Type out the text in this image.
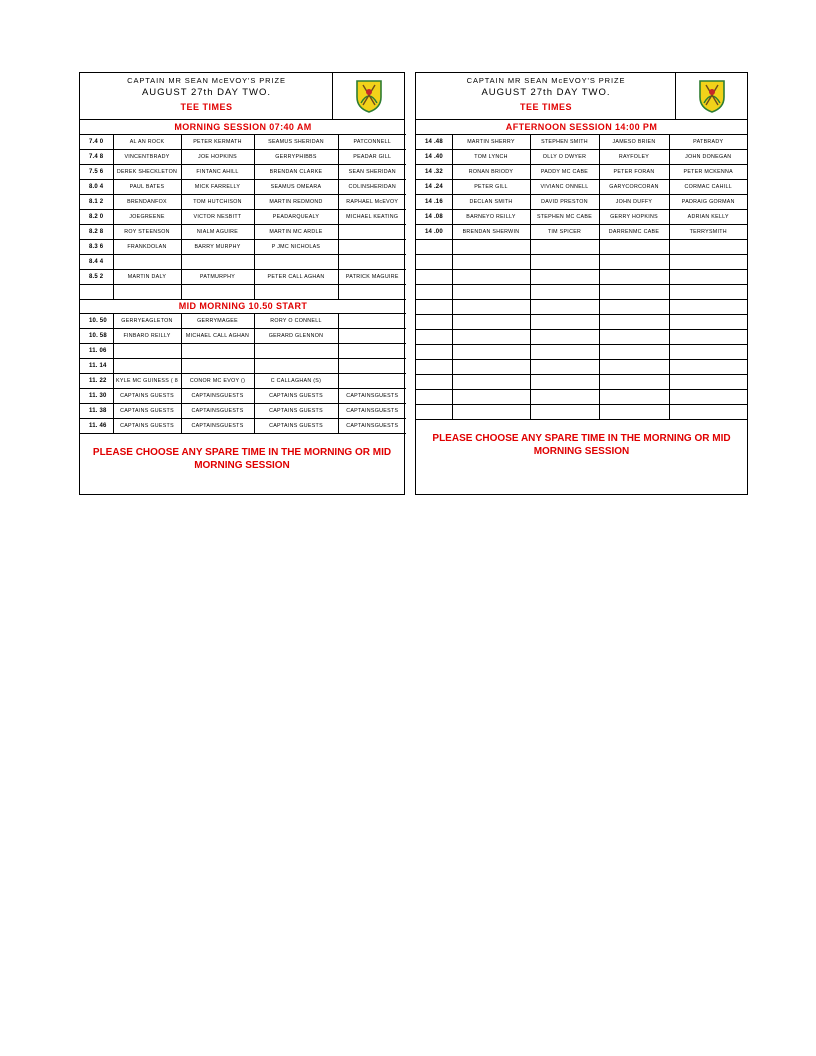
CAPTAIN MR SEAN McEVOY'S PRIZE
AUGUST 27th DAY TWO.
TEE TIMES
MORNING SESSION 07:40 AM				
7.4 0	AL AN ROCK	PETER KERMATH	SEAMUS SHERIDAN	PATCONNELL
7.4 8	VINCENTBRADY	JOE HOPKINS	GERRYPHIBBS	PEADAR GILL
7.5 6	DEREK SHECKLETON	FINTANC AHILL	BRENDAN CLARKE	SEAN SHERIDAN
8.0 4	PAUL BATES	MICK FARRELLY	SEAMUS OMEARA	COLINSHERIDAN
8.1 2	BRENDANFOX	TOM HUTCHISON	MARTIN REDMOND	RAPHAEL McEVOY
8.2 0	JOEGREENE	VICTOR NESBITT	PEADARQUEALY	MICHAEL KEATING
8.2 8	ROY STEENSON	NIALM AGUIRE	MARTIN MC ARDLE	
8.3 6	FRANKDOLAN	BARRY MURPHY	P JMC NICHOLAS	
8.4 4				
8.5 2	MARTIN DALY	PATMURPHY	PETER CALL AGHAN	PATRICK MAGUIRE

MID MORNING 10.50 START				
10. 50	GERRYEAGLETON	GERRYMAGEE	RORY O CONNELL	
10. 58	FINBARO REILLY	MICHAEL CALL AGHAN	GERARD GLENNON	
11. 06				
11. 14				
11. 22	KYLE MC GUINESS ( 8	CONOR MC EVOY ()	C CALLAGHAN (S)	
11. 30	CAPTAINS GUESTS	CAPTAINSGUESTS	CAPTAINS GUESTS	CAPTAINSGUESTS
11. 38	CAPTAINS GUESTS	CAPTAINSGUESTS	CAPTAINS GUESTS	CAPTAINSGUESTS
11. 46	CAPTAINS GUESTS	CAPTAINSGUESTS	CAPTAINS GUESTS	CAPTAINSGUESTS
PLEASE CHOOSE ANY SPARE TIME IN THE MORNING OR MID MORNING SESSION
CAPTAIN MR SEAN McEVOY'S PRIZE
AUGUST 27th DAY TWO.
TEE TIMES
AFTERNOON SESSION 14:00 PM				
14 .48	MARTIN SHERRY	STEPHEN SMITH	JAMESO BRIEN	PATBRADY
14 .40	TOM LYNCH	OLLY O DWYER	RAYFOLEY	JOHN DONEGAN
14 .32	RONAN BRIODY	PADDY MC CABE	PETER FORAN	PETER MCKENNA
14 .24	PETER GILL	VIVIANC ONNELL	GARYCORCORAN	CORMAC CAHILL
14 .16	DECLAN SMITH	DAVID PRESTON	JOHN DUFFY	PADRAIG GORMAN
14 .08	BARNEYO REILLY	STEPHEN MC CABE	GERRY HOPKINS	ADRIAN KELLY
14 .00	BRENDAN SHERWIN	TIM SPICER	DARRENMC CABE	TERRYSMITH

PLEASE CHOOSE ANY SPARE TIME IN THE MORNING OR MID MORNING SESSION
